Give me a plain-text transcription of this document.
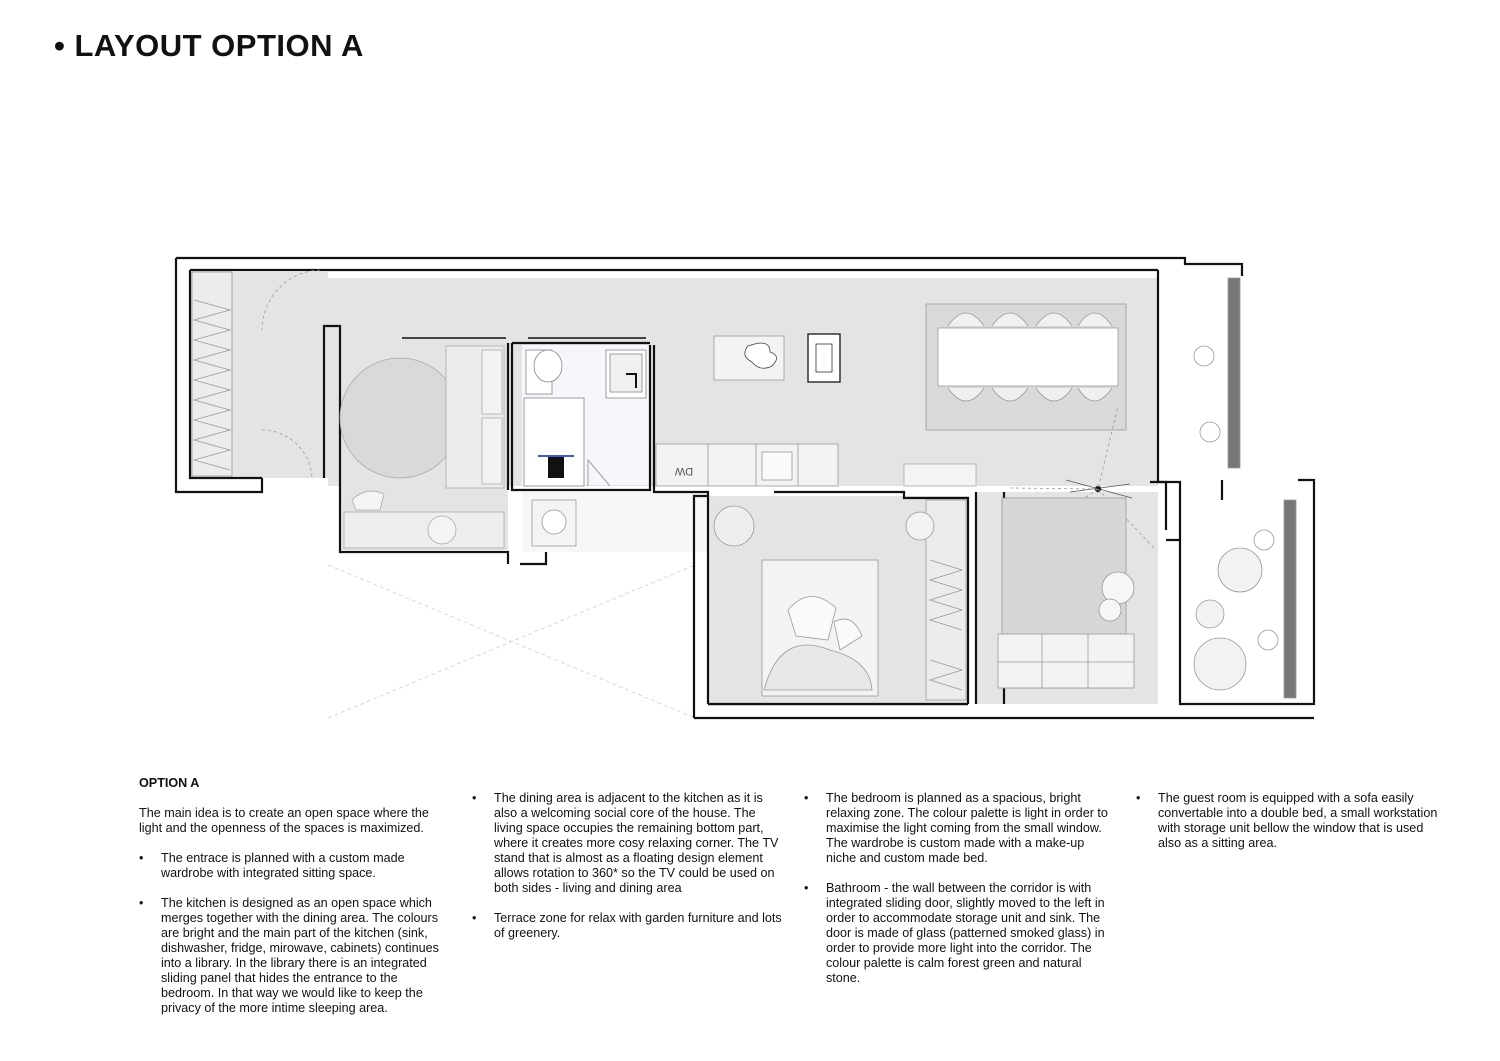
• LAYOUT OPTION A
DW

OPTION A

The main idea is to create an open space where the light and the openness of the spaces is maximized.

• The entrace is planned with a custom made wardrobe with integrated sitting space.

• The kitchen is designed as an open space which merges together with the dining area. The colours are bright and the main part of the kitchen (sink, dishwasher, fridge, mirowave, cabinets) continues into a library. In the library there is an integrated sliding panel that hides the entrance to the bedroom. In that way we would like to keep the privacy of the more intime sleeping area.

• The dining area is adjacent to the kitchen as it is also a welcoming social core of the house. The living space occupies the remaining bottom part, where it creates more cosy relaxing corner. The TV stand that is almost as a floating design element allows rotation to 360* so the TV could be used on both sides - living and dining area

• Terrace zone for relax with garden furniture and lots of greenery.

• The bedroom is planned as a spacious, bright relaxing zone. The colour palette is light in order to maximise the light coming from the small window. The wardrobe is custom made with a make-up niche and custom made bed.

• Bathroom - the wall between the corridor is with integrated sliding door, slightly moved to the left in order to accommodate storage unit and sink. The door is made of glass (patterned smoked glass) in order to provide more light into the corridor. The colour palette is calm forest green and natural stone.

• The guest room is equipped with a sofa easily convertable into a double bed, a small workstation with storage unit bellow the window that is used also as a sitting area.
